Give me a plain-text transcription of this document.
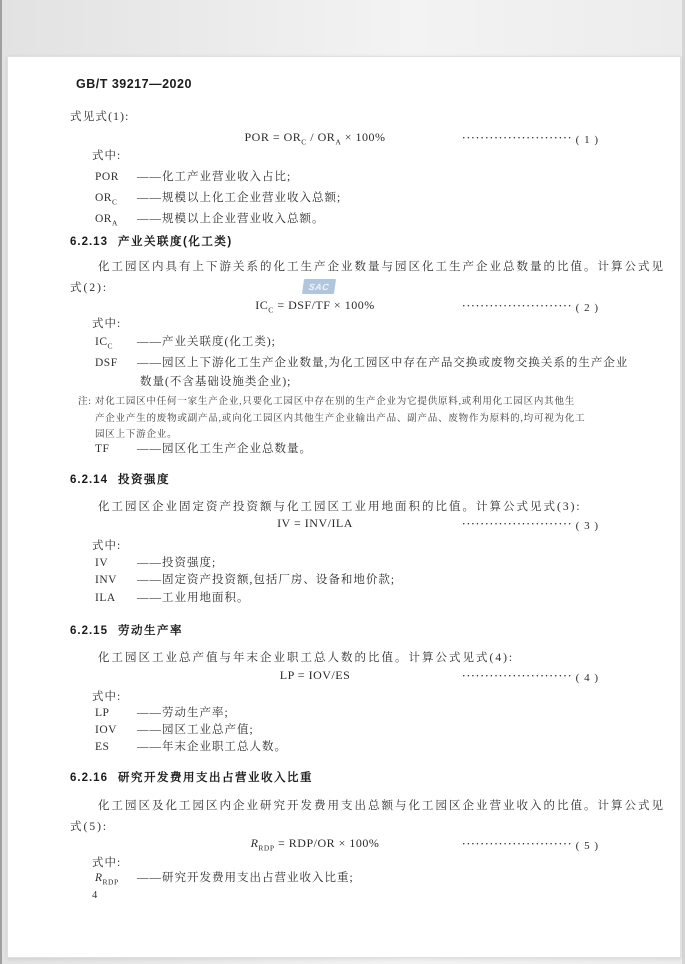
GB/T 39217—2020
式见式(1):
POR = $OR_C / OR_A \times 100\%$	························ ( 1 )
式中:
POR ——化工产业营业收入占比;
$OR_C$ ——规模以上化工企业营业收入总额;
$OR_A$ ——规模以上企业营业收入总额。
6.2.13 产业关联度(化工类)
化工园区内具有上下游关系的化工生产企业数量与园区化工生产企业总数量的比值。计算公式见
式(2):	SAC
$IC_C = DSF/TF \times 100\%$	························ ( 2 )
式中:
$IC_C$ ——产业关联度(化工类);
DSF ——园区上下游化工生产企业数量,为化工园区中存在产品交换或废物交换关系的生产企业
数量(不含基础设施类企业);
注: 对化工园区中任何一家生产企业,只要化工园区中存在别的生产企业为它提供原料,或利用化工园区内其他生
产企业产生的废物或副产品,或向化工园区内其他生产企业输出产品、副产品、废物作为原料的,均可视为化工
园区上下游企业。
TF ——园区化工生产企业总数量。
6.2.14 投资强度
化工园区企业固定资产投资额与化工园区工业用地面积的比值。计算公式见式(3):
IV = INV/ILA	························ ( 3 )
式中:
IV	——投资强度;
INV ——固定资产投资额,包括厂房、设备和地价款;
ILA ——工业用地面积。
6.2.15 劳动生产率
化工园区工业总产值与年末企业职工总人数的比值。计算公式见式(4):
LP = IOV/ES	························ ( 4 )
式中:
LP ——劳动生产率;
IOV ——园区工业总产值;
ES ——年末企业职工总人数。
6.2.16 研究开发费用支出占营业收入比重
化工园区及化工园区内企业研究开发费用支出总额与化工园区企业营业收入的比值。计算公式见
式(5):
$R_{RDP} = RDP/OR \times 100\%$	························ ( 5 )
式中:
$R_{RDP}$ ——研究开发费用支出占营业收入比重;
4
